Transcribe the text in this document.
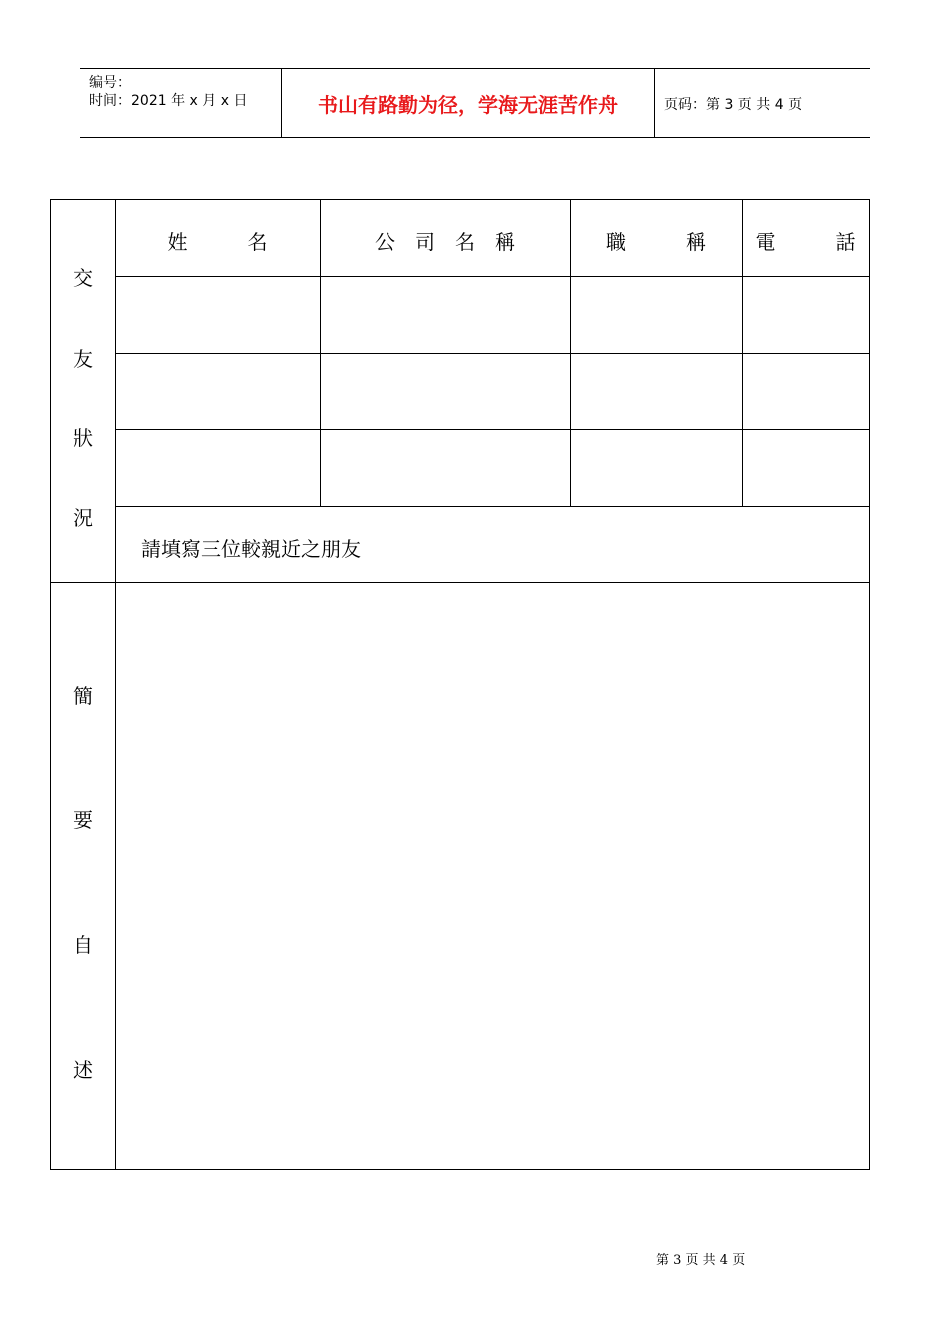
编号：
时间：2021 年 x 月 x 日	书山有路勤为径，学海无涯苦作舟	页码：第 3 页 共 4 页
姓　　　名	公　司　名　稱	職　　　稱	電　　　話
交
友
狀
況
請填寫三位較親近之朋友
簡
要
自
述
第 3 页 共 4 页
